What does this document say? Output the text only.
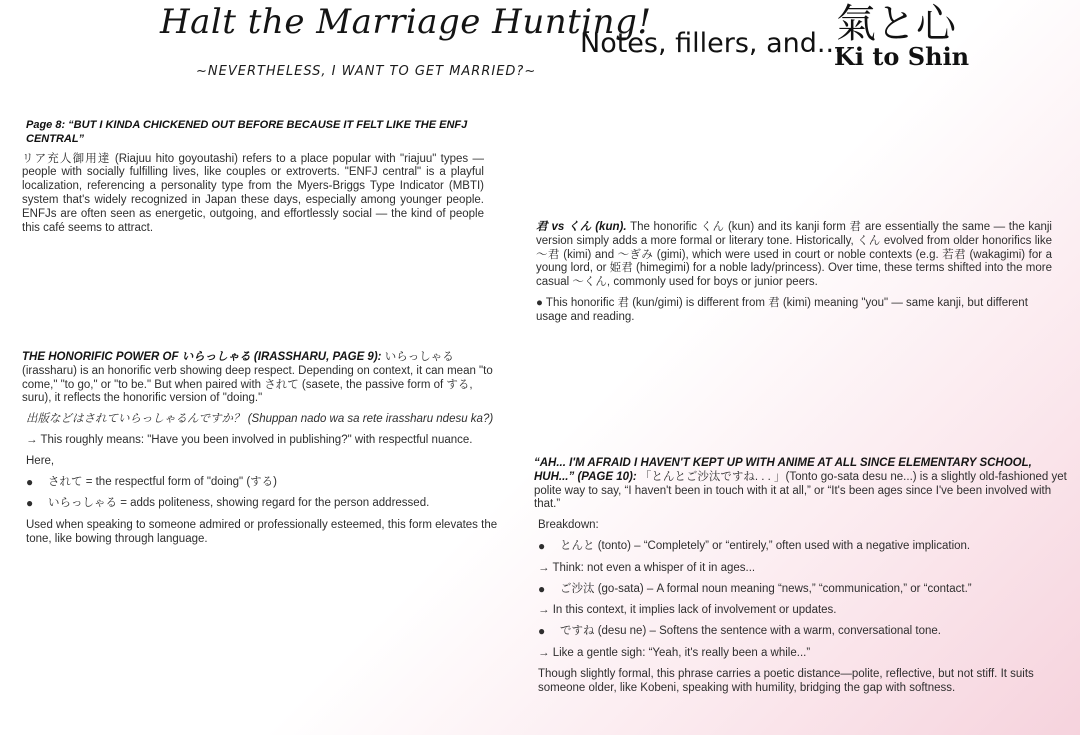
Halt the Marriage Hunting!
~NEVERTHELESS, I WANT TO GET MARRIED?~
Notes, fillers, and...
氣と心
Ki to Shin
Page 8: “BUT I KINDA CHICKENED OUT BEFORE BECAUSE IT FELT LIKE THE ENFJ CENTRAL”

リア充人御用達 (Riajuu hito goyoutashi) refers to a place popular with "riajuu" types — people with socially fulfilling lives, like couples or extroverts. "ENFJ central" is a playful localization, referencing a personality type from the Myers-Briggs Type Indicator (MBTI) system that's widely recognized in Japan these days, especially among younger people. ENFJs are often seen as energetic, outgoing, and effortlessly social — the kind of people this café seems to attract.	君 vs くん (kun). The honorific くん (kun) and its kanji form 君 are essentially the same — the kanji version simply adds a more formal or literary tone. Historically, くん evolved from older honorifics like ～君 (kimi) and ～ぎみ (gimi), which were used in court or noble contexts (e.g. 若君 (wakagimi) for a young lord, or 姫君 (himegimi) for a noble lady/princess). Over time, these terms shifted into the more casual ～くん, commonly used for boys or junior peers.

● This honorific 君 (kun/gimi) is different from 君 (kimi) meaning "you" — same kanji, but different usage and reading.

THE HONORIFIC POWER OF いらっしゃる (IRASSHARU, PAGE 9): いらっしゃる (irassharu) is an honorific verb showing deep respect. Depending on context, it can mean "to come," "to go," or "to be." But when paired with されて (sasete, the passive form of する, suru), it reflects the honorific version of "doing."

出版などはされていらっしゃるんですか？ (Shuppan nado wa sa rete irassharu ndesu ka?)

→ This roughly means: "Have you been involved in publishing?" with respectful nuance.

Here,

●	されて = the respectful form of "doing" (する)
●	いらっしゃる = adds politeness, showing regard for the person addressed.

Used when speaking to someone admired or professionally esteemed, this form elevates the tone, like bowing through language.

“AH... I'M AFRAID I HAVEN'T KEPT UP WITH ANIME AT ALL SINCE ELEMENTARY SCHOOL, HUH...” (PAGE 10): 「とんとご沙汰ですね. . . 」(Tonto go-sata desu ne...) is a slightly old-fashioned yet polite way to say, “I haven't been in touch with it at all,” or “It's been ages since I've been involved with that.”

Breakdown:

●	とんと (tonto) – “Completely” or “entirely,” often used with a negative implication.

→ Think: not even a whisper of it in ages...

●	ご沙汰 (go-sata) – A formal noun meaning “news,” “communication,” or “contact.”

→ In this context, it implies lack of involvement or updates.

●	ですね (desu ne) – Softens the sentence with a warm, conversational tone.

→ Like a gentle sigh: “Yeah, it's really been a while...”

Though slightly formal, this phrase carries a poetic distance—polite, reflective, but not stiff. It suits someone older, like Kobeni, speaking with humility, bridging the gap with softness.
